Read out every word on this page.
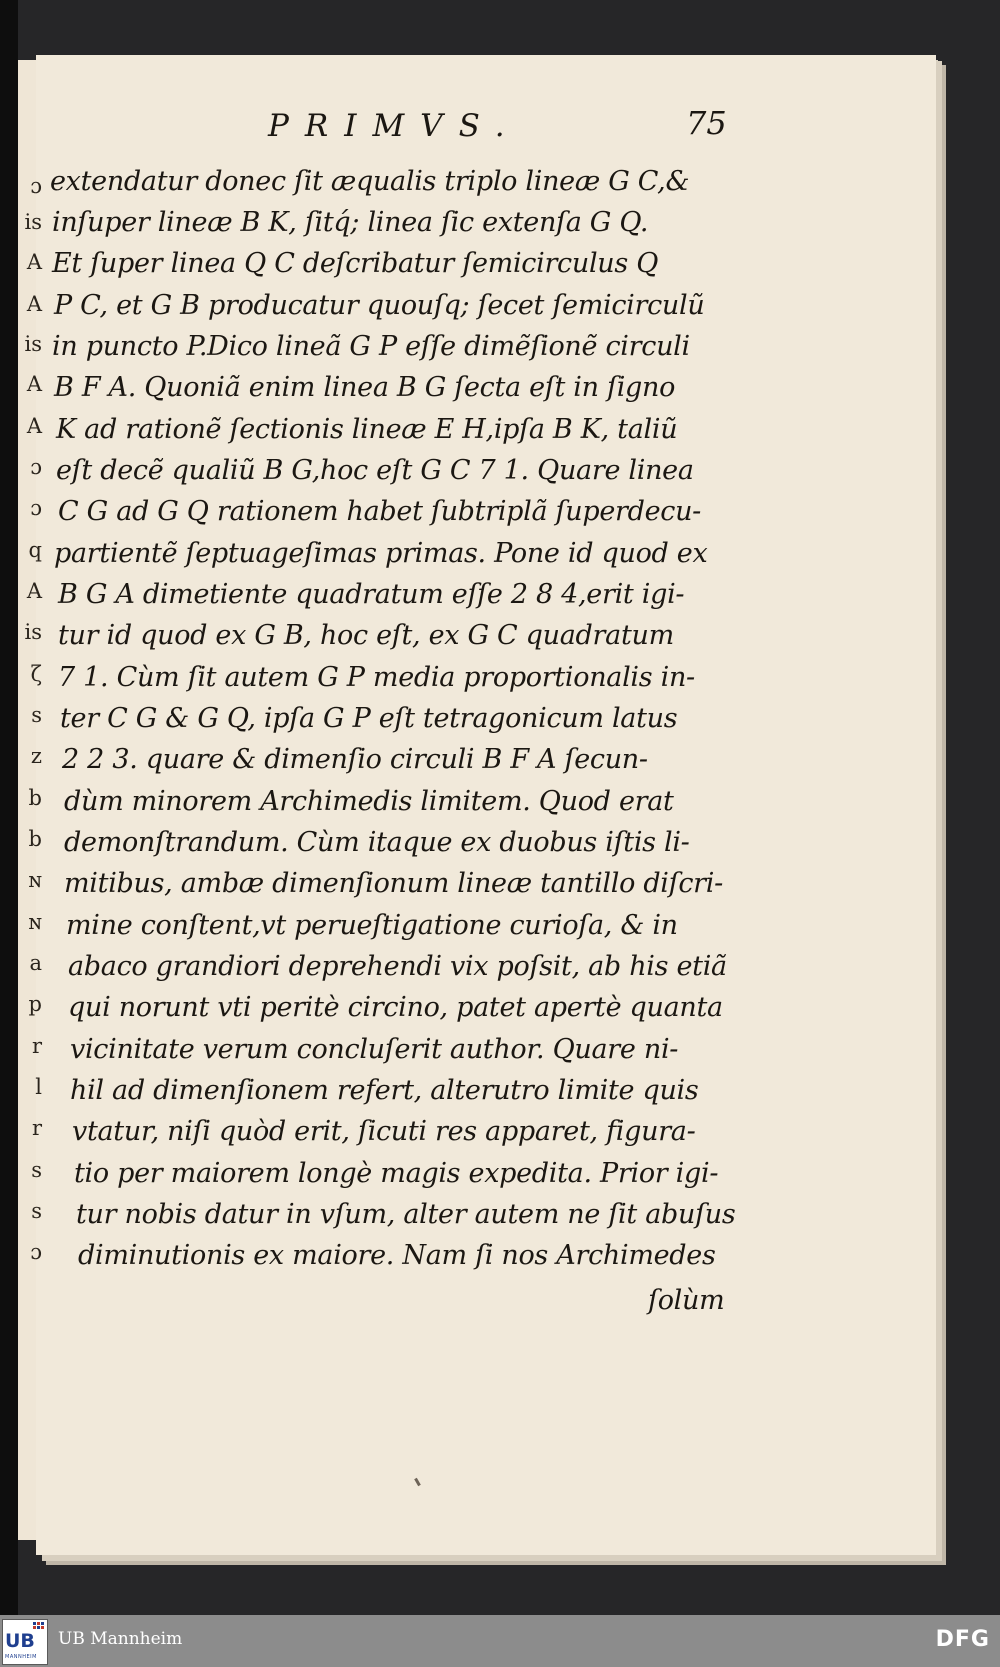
PRIMVS.	75
ɔ
is
A
A
is
A
A
ɔ
ɔ
q
A
is
ζ
s
z
b
b
ɴ
ɴ
a
p
r
l
r
s
s
ɔ
extendatur donec ſit æqualis triplo lineæ G C,&
inſuper lineæ B K, ſitq́; linea ſic extenſa G Q.
Et ſuper linea Q C deſcribatur ſemicirculus Q
P C, et G B producatur quouſq; ſecet ſemicirculũ
in puncto P.Dico lineã G P eſſe dimẽſionẽ circuli
B F A. Quoniã enim linea B G ſecta eſt in ſigno
K ad rationẽ ſectionis lineæ E H,ipſa B K, taliũ
eſt decẽ qualiũ B G,hoc eſt G C 7 1. Quare linea
C G ad G Q rationem habet ſubtriplã ſuperdecu-
partientẽ ſeptuageſimas primas. Pone id quod ex
B G A dimetiente quadratum eſſe 2 8 4,erit igi-
tur id quod ex G B, hoc eſt, ex G C quadratum
7 1. Cùm ſit autem G P media proportionalis in-
ter C G & G Q, ipſa G P eſt tetragonicum latus
2 2 3. quare & dimenſio circuli B F A ſecun-
dùm minorem Archimedis limitem. Quod erat
demonſtrandum. Cùm itaque ex duobus iſtis li-
mitibus, ambæ dimenſionum lineæ tantillo diſcri-
mine conſtent,vt perueſtigatione curioſa, & in
abaco grandiori deprehendi vix poſsit, ab his etiã
qui norunt vti peritè circino, patet apertè quanta
vicinitate verum concluſerit author. Quare ni-
hil ad dimenſionem refert, alterutro limite quis
vtatur, niſi quòd erit, ſicuti res apparet, figura-
tio per maiorem longè magis expedita. Prior igi-
tur nobis datur in vſum, alter autem ne ſit abuſus
diminutionis ex maiore. Nam ſi nos Archimedes
ſolùm
UB
MANNHEIM
UB Mannheim	DFG
